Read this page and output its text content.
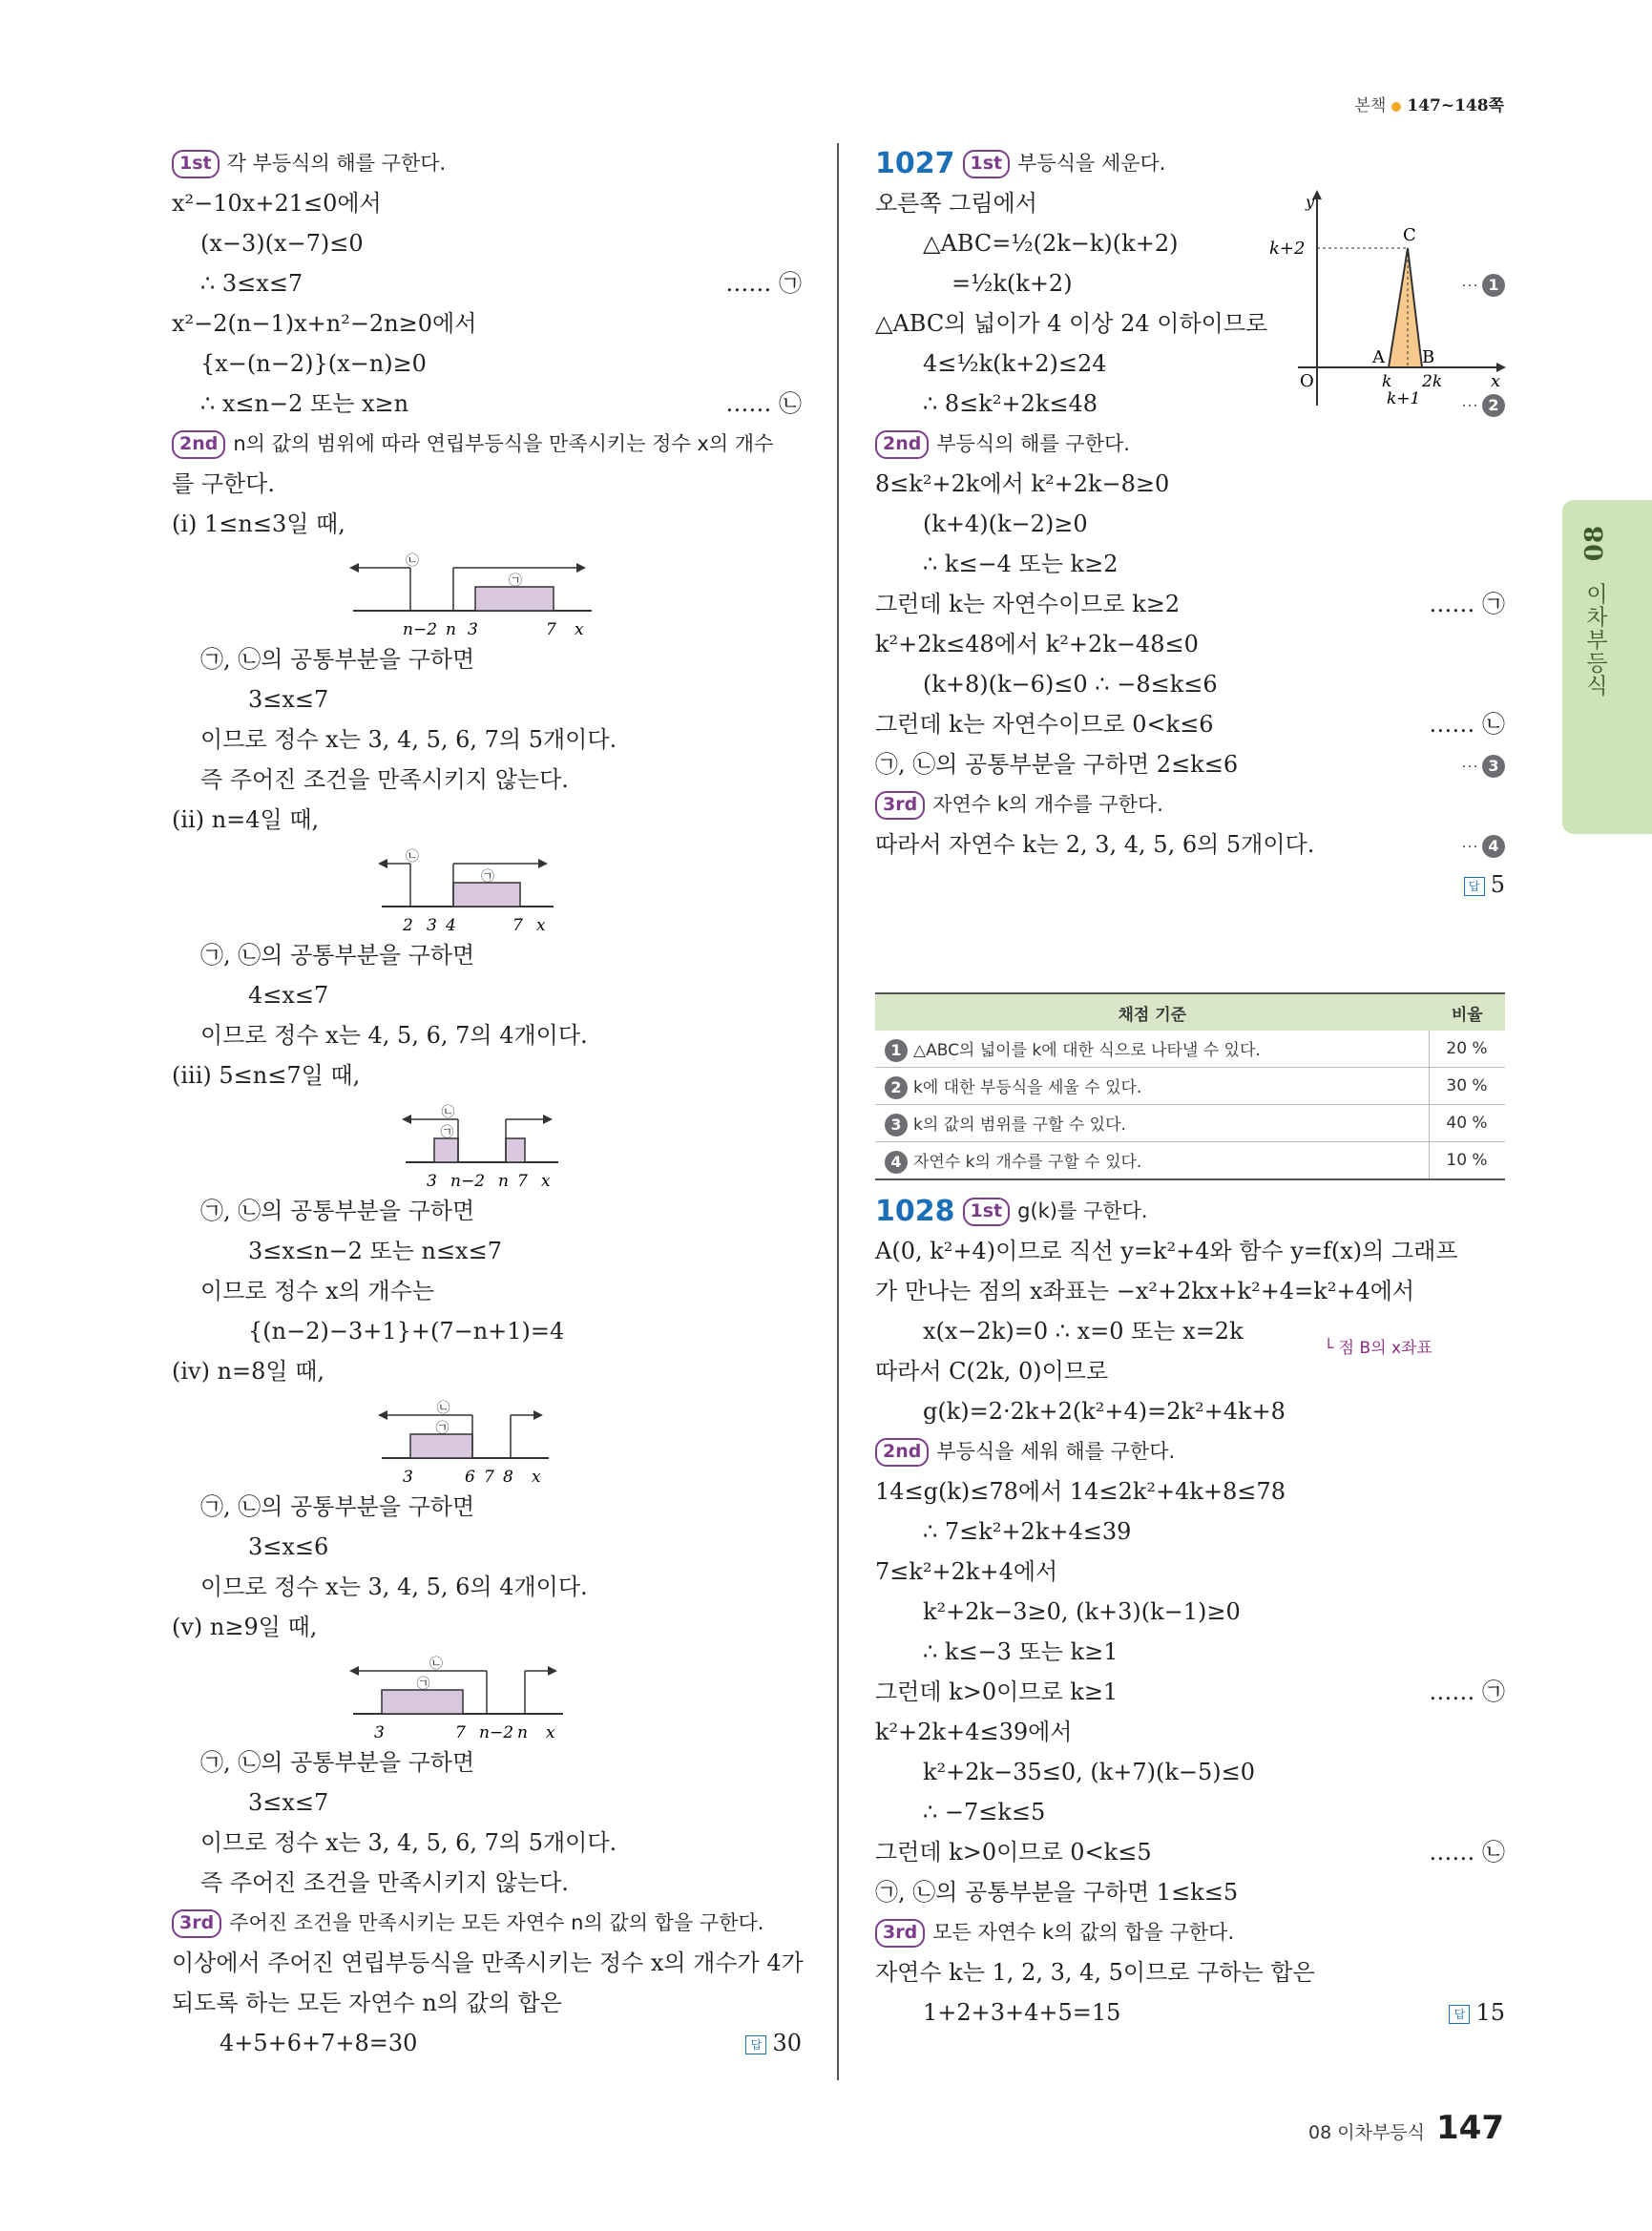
본책 147~148쪽
08 이차부등식
1st 각 부등식의 해를 구한다.
x²−10x+21≤0에서
(x−3)(x−7)≤0
∴ 3≤x≤7	…… ㉠
x²−2(n−1)x+n²−2n≥0에서
{x−(n−2)}(x−n)≥0
∴ x≤n−2 또는 x≥n	…… ㉡
2nd n의 값의 범위에 따라 연립부등식을 만족시키는 정수 x의 개수
를 구한다.
(i) 1≤n≤3일 때,
㉡
㉠
n−2 n 3	7 x
㉠, ㉡의 공통부분을 구하면
3≤x≤7
이므로 정수 x는 3, 4, 5, 6, 7의 5개이다.
즉 주어진 조건을 만족시키지 않는다.
(ii) n=4일 때,
㉡
㉠
2 3 4	7 x
㉠, ㉡의 공통부분을 구하면
4≤x≤7
이므로 정수 x는 4, 5, 6, 7의 4개이다.
(iii) 5≤n≤7일 때,
㉡
㉠
3 n−2 n 7 x
㉠, ㉡의 공통부분을 구하면
3≤x≤n−2 또는 n≤x≤7
이므로 정수 x의 개수는
{(n−2)−3+1}+(7−n+1)=4
(iv) n=8일 때,
㉡
㉠
3	6 7 8 x
㉠, ㉡의 공통부분을 구하면
3≤x≤6
이므로 정수 x는 3, 4, 5, 6의 4개이다.
(v) n≥9일 때,
㉡
㉠
3	7 n−2 n x
㉠, ㉡의 공통부분을 구하면
3≤x≤7
이므로 정수 x는 3, 4, 5, 6, 7의 5개이다.
즉 주어진 조건을 만족시키지 않는다.
3rd 주어진 조건을 만족시키는 모든 자연수 n의 값의 합을 구한다.
이상에서 주어진 연립부등식을 만족시키는 정수 x의 개수가 4가
되도록 하는 모든 자연수 n의 값의 합은
4+5+6+7+8=30	답 30
1027 1st 부등식을 세운다.
오른쪽 그림에서
△ABC=½(2k−k)(k+2)
=½k(k+2)	⋯ 1
△ABC의 넓이가 4 이상 24 이하이므로
4≤½k(k+2)≤24
∴ 8≤k²+2k≤48	⋯ 2
2nd 부등식의 해를 구한다.
8≤k²+2k에서 k²+2k−8≥0
(k+4)(k−2)≥0
∴ k≤−4 또는 k≥2
그런데 k는 자연수이므로 k≥2	…… ㉠
k²+2k≤48에서 k²+2k−48≤0
(k+8)(k−6)≤0 ∴ −8≤k≤6
그런데 k는 자연수이므로 0<k≤6	…… ㉡
㉠, ㉡의 공통부분을 구하면 2≤k≤6	⋯ 3
3rd 자연수 k의 개수를 구한다.
따라서 자연수 k는 2, 3, 4, 5, 6의 5개이다.	⋯ 4
답 5
1028 1st g(k)를 구한다.
A(0, k²+4)이므로 직선 y=k²+4와 함수 y=f(x)의 그래프
가 만나는 점의 x좌표는 −x²+2kx+k²+4=k²+4에서
x(x−2k)=0 ∴ x=0 또는 x=2k
└ 점 B의 x좌표
따라서 C(2k, 0)이므로
g(k)=2·2k+2(k²+4)=2k²+4k+8
2nd 부등식을 세워 해를 구한다.
14≤g(k)≤78에서 14≤2k²+4k+8≤78
∴ 7≤k²+2k+4≤39
7≤k²+2k+4에서
k²+2k−3≥0, (k+3)(k−1)≥0
∴ k≤−3 또는 k≥1
그런데 k>0이므로 k≥1	…… ㉠
k²+2k+4≤39에서
k²+2k−35≤0, (k+7)(k−5)≤0
∴ −7≤k≤5
그런데 k>0이므로 0<k≤5	…… ㉡
㉠, ㉡의 공통부분을 구하면 1≤k≤5
3rd 모든 자연수 k의 값의 합을 구한다.
자연수 k는 1, 2, 3, 4, 5이므로 구하는 합은
1+2+3+4+5=15	답 15
y
x
O
k+2
C
A B
k 2k
k+1
채점 기준	비율
1 △ABC의 넓이를 k에 대한 식으로 나타낼 수 있다.	20 %
2 k에 대한 부등식을 세울 수 있다.	30 %
3 k의 값의 범위를 구할 수 있다.	40 %
4 자연수 k의 개수를 구할 수 있다.	10 %
08 이차부등식 147
